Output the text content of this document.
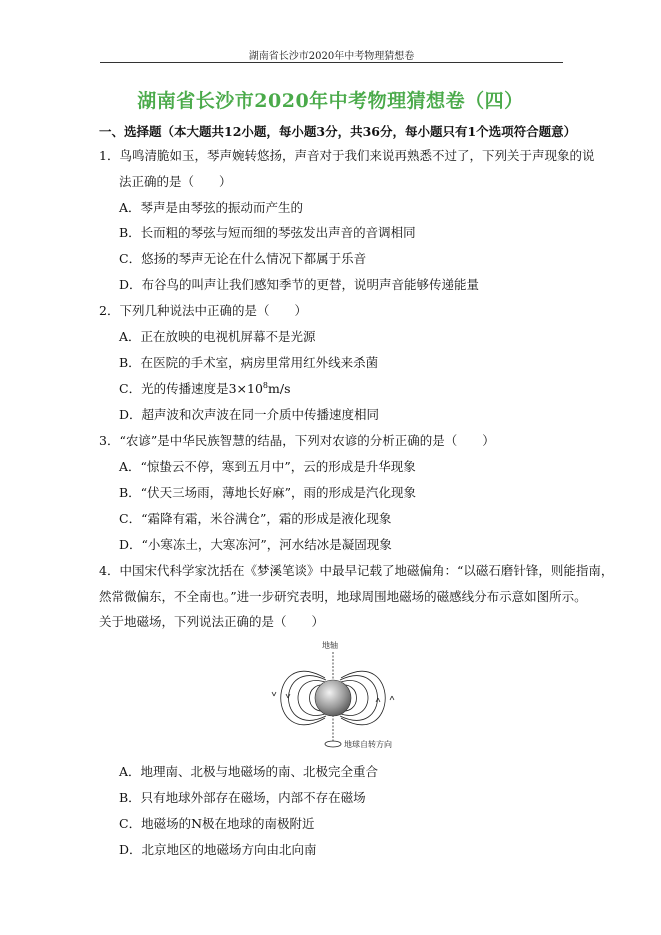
湖南省长沙市2020年中考物理猜想卷
湖南省长沙市2020年中考物理猜想卷（四）
一、选择题（本大题共12小题，每小题3分，共36分，每小题只有1个选项符合题意）
1．鸟鸣清脆如玉，琴声婉转悠扬，声音对于我们来说再熟悉不过了，下列关于声现象的说
法正确的是（　　）
A．琴声是由琴弦的振动而产生的
B．长而粗的琴弦与短而细的琴弦发出声音的音调相同
C．悠扬的琴声无论在什么情况下都属于乐音
D．布谷鸟的叫声让我们感知季节的更替，说明声音能够传递能量
2．下列几种说法中正确的是（　　）
A．正在放映的电视机屏幕不是光源
B．在医院的手术室，病房里常用红外线来杀菌
C．光的传播速度是$3\times 10^8m/s$
D．超声波和次声波在同一介质中传播速度相同
3．“农谚”是中华民族智慧的结晶，下列对农谚的分析正确的是（　　）
A．“惊蛰云不停，寒到五月中”，云的形成是升华现象
B．“伏天三场雨，薄地长好麻”，雨的形成是汽化现象
C．“霜降有霜，米谷满仓”，霜的形成是液化现象
D．“小寒冻土，大寒冻河”，河水结冰是凝固现象
4．中国宋代科学家沈括在《梦溪笔谈》中最早记载了地磁偏角：“以磁石磨针锋，则能指南，
然常微偏东，不全南也。”进一步研究表明，地球周围地磁场的磁感线分布示意如图所示。
关于地磁场，下列说法正确的是（　　）
地轴
地球自转方向
A．地理南、北极与地磁场的南、北极完全重合
B．只有地球外部存在磁场，内部不存在磁场
C．地磁场的N极在地球的南极附近
D．北京地区的地磁场方向由北向南
